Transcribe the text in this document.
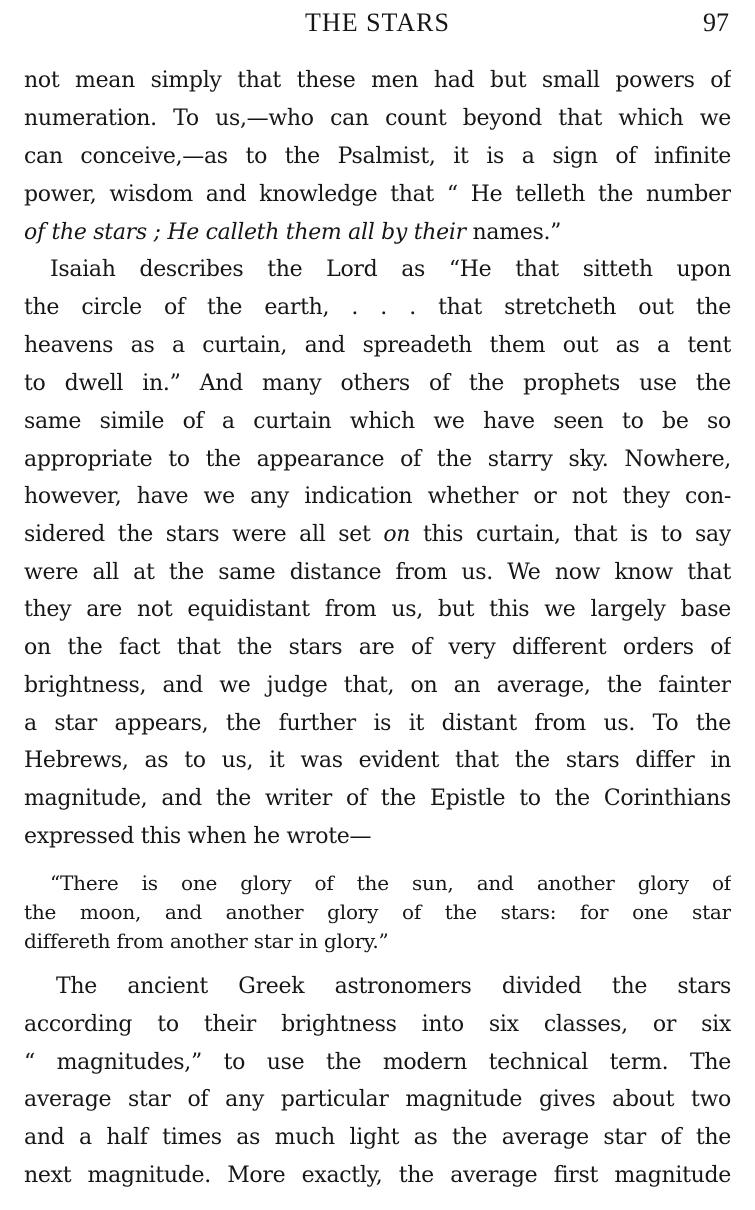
THE STARS	97
not mean simply that these men had but small powers of
numeration. To us,—who can count beyond that which we
can conceive,—as to the Psalmist, it is a sign of infinite
power, wisdom and knowledge that “ He telleth the number
of the stars ; He calleth them all by their names.”
Isaiah describes the Lord as “He that sitteth upon
the circle of the earth, . . . that stretcheth out the
heavens as a curtain, and spreadeth them out as a tent
to dwell in.” And many others of the prophets use the
same simile of a curtain which we have seen to be so
appropriate to the appearance of the starry sky. Nowhere,
however, have we any indication whether or not they con-
sidered the stars were all set on this curtain, that is to say
were all at the same distance from us. We now know that
they are not equidistant from us, but this we largely base
on the fact that the stars are of very different orders of
brightness, and we judge that, on an average, the fainter
a star appears, the further is it distant from us. To the
Hebrews, as to us, it was evident that the stars differ in
magnitude, and the writer of the Epistle to the Corinthians
expressed this when he wrote—
“There is one glory of the sun, and another glory of
the moon, and another glory of the stars: for one star
differeth from another star in glory.”
The ancient Greek astronomers divided the stars
according to their brightness into six classes, or six
“ magnitudes,” to use the modern technical term. The
average star of any particular magnitude gives about two
and a half times as much light as the average star of the
next magnitude. More exactly, the average first magnitude
